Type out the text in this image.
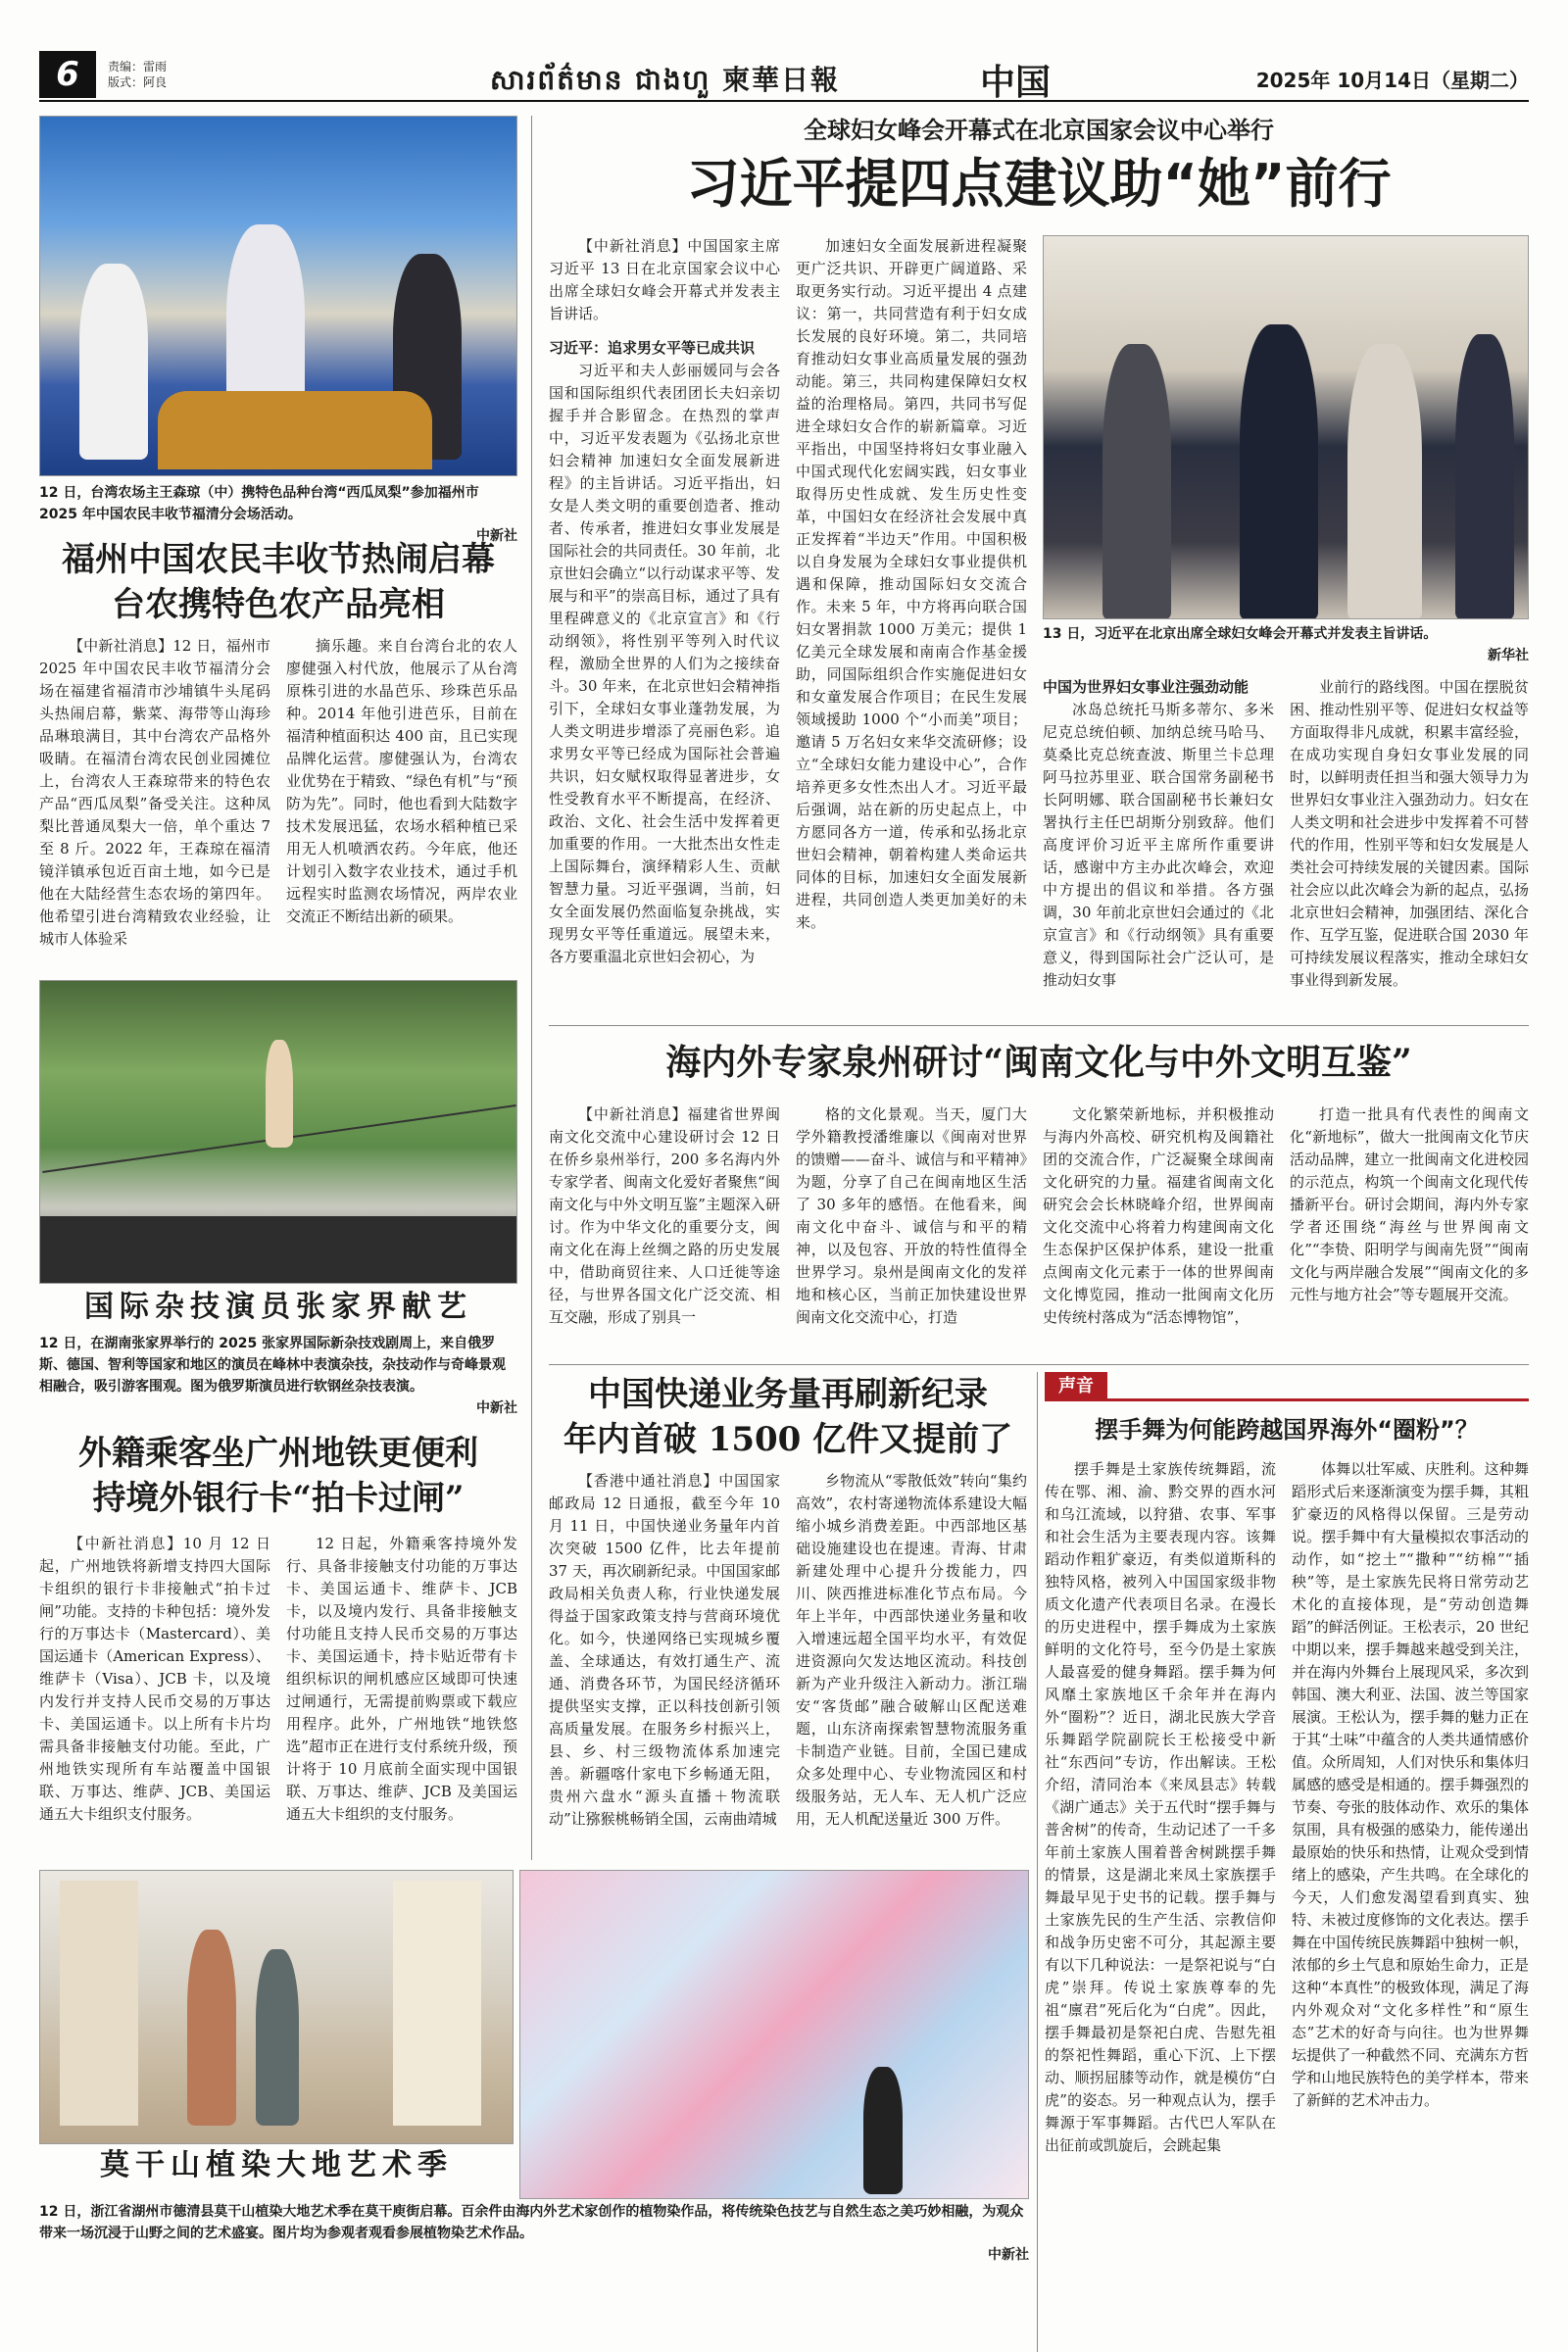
6	责编：雷雨
版式：阿良	សារព័ត៌មាន ជាងហួ 柬華日報	中国	2025年 10月14日（星期二）
12 日，台湾农场主王森琼（中）携特色品种台湾“西瓜凤梨”参加福州市 2025 年中国农民丰收节福清分会场活动。
中新社
福州中国农民丰收节热闹启幕
台农携特色农产品亮相

【中新社消息】12 日，福州市 2025 年中国农民丰收节福清分会场在福建省福清市沙埔镇牛头尾码头热闹启幕，紫菜、海带等山海珍品琳琅满目，其中台湾农产品格外吸睛。在福清台湾农民创业园摊位上，台湾农人王森琼带来的特色农产品“西瓜凤梨”备受关注。这种凤梨比普通凤梨大一倍，单个重达 7 至 8 斤。2022 年，王森琼在福清镜洋镇承包近百亩土地，如今已是他在大陆经营生态农场的第四年。他希望引进台湾精致农业经验，让城市人体验采

摘乐趣。来自台湾台北的农人廖健强入村代放，他展示了从台湾原株引进的水晶芭乐、珍珠芭乐品种。2014 年他引进芭乐，目前在福清种植面积达 400 亩，且已实现品牌化运营。廖健强认为，台湾农业优势在于精致、“绿色有机”与“预防为先”。同时，他也看到大陆数字技术发展迅猛，农场水稻种植已采用无人机喷洒农药。今年底，他还计划引入数字农业技术，通过手机远程实时监测农场情况，两岸农业交流正不断结出新的硕果。

国际杂技演员张家界献艺
12 日，在湖南张家界举行的 2025 张家界国际新杂技戏剧周上，来自俄罗斯、德国、智利等国家和地区的演员在峰林中表演杂技，杂技动作与奇峰景观相融合，吸引游客围观。图为俄罗斯演员进行软钢丝杂技表演。
中新社
外籍乘客坐广州地铁更便利
持境外银行卡“拍卡过闸”

【中新社消息】10 月 12 日起，广州地铁将新增支持四大国际卡组织的银行卡非接触式“拍卡过闸”功能。支持的卡种包括：境外发行的万事达卡（Mastercard）、美国运通卡（American Express）、维萨卡（Visa）、JCB 卡，以及境内发行并支持人民币交易的万事达卡、美国运通卡。以上所有卡片均需具备非接触支付功能。至此，广州地铁实现所有车站覆盖中国银联、万事达、维萨、JCB、美国运通五大卡组织支付服务。

12 日起，外籍乘客持境外发行、具备非接触支付功能的万事达卡、美国运通卡、维萨卡、JCB 卡，以及境内发行、具备非接触支付功能且支持人民币交易的万事达卡、美国运通卡，持卡贴近带有卡组织标识的闸机感应区域即可快速过闸通行，无需提前购票或下载应用程序。此外，广州地铁“地铁悠选”超市正在进行支付系统升级，预计将于 10 月底前全面实现中国银联、万事达、维萨、JCB 及美国运通五大卡组织的支付服务。

莫干山植染大地艺术季
12 日，浙江省湖州市德清县莫干山植染大地艺术季在莫干庾街启幕。百余件由海内外艺术家创作的植物染作品，将传统染色技艺与自然生态之美巧妙相融，为观众带来一场沉浸于山野之间的艺术盛宴。图片均为参观者观看参展植物染艺术作品。
中新社
全球妇女峰会开幕式在北京国家会议中心举行
习近平提四点建议助“她”前行

【中新社消息】中国国家主席习近平 13 日在北京国家会议中心出席全球妇女峰会开幕式并发表主旨讲话。

习近平：追求男女平等已成共识

习近平和夫人彭丽媛同与会各国和国际组织代表团团长夫妇亲切握手并合影留念。在热烈的掌声中，习近平发表题为《弘扬北京世妇会精神 加速妇女全面发展新进程》的主旨讲话。习近平指出，妇女是人类文明的重要创造者、推动者、传承者，推进妇女事业发展是国际社会的共同责任。30 年前，北京世妇会确立“以行动谋求平等、发展与和平”的崇高目标，通过了具有里程碑意义的《北京宣言》和《行动纲领》，将性别平等列入时代议程，激励全世界的人们为之接续奋斗。30 年来，在北京世妇会精神指引下，全球妇女事业蓬勃发展，为人类文明进步增添了亮丽色彩。追求男女平等已经成为国际社会普遍共识，妇女赋权取得显著进步，女性受教育水平不断提高，在经济、政治、文化、社会生活中发挥着更加重要的作用。一大批杰出女性走上国际舞台，演绎精彩人生、贡献智慧力量。习近平强调，当前，妇女全面发展仍然面临复杂挑战，实现男女平等任重道远。展望未来，各方要重温北京世妇会初心，为

加速妇女全面发展新进程凝聚更广泛共识、开辟更广阔道路、采取更务实行动。习近平提出 4 点建议：第一，共同营造有利于妇女成长发展的良好环境。第二，共同培育推动妇女事业高质量发展的强劲动能。第三，共同构建保障妇女权益的治理格局。第四，共同书写促进全球妇女合作的崭新篇章。习近平指出，中国坚持将妇女事业融入中国式现代化宏阔实践，妇女事业取得历史性成就、发生历史性变革，中国妇女在经济社会发展中真正发挥着“半边天”作用。中国积极以自身发展为全球妇女事业提供机遇和保障，推动国际妇女交流合作。未来 5 年，中方将再向联合国妇女署捐款 1000 万美元；提供 1 亿美元全球发展和南南合作基金援助，同国际组织合作实施促进妇女和女童发展合作项目；在民生发展领域援助 1000 个“小而美”项目；邀请 5 万名妇女来华交流研修；设立“全球妇女能力建设中心”，合作培养更多女性杰出人才。习近平最后强调，站在新的历史起点上，中方愿同各方一道，传承和弘扬北京世妇会精神，朝着构建人类命运共同体的目标，加速妇女全面发展新进程，共同创造人类更加美好的未来。

13 日，习近平在北京出席全球妇女峰会开幕式并发表主旨讲话。
新华社
中国为世界妇女事业注强劲动能

冰岛总统托马斯多蒂尔、多米尼克总统伯顿、加纳总统马哈马、莫桑比克总统查波、斯里兰卡总理阿马拉苏里亚、联合国常务副秘书长阿明娜、联合国副秘书长兼妇女署执行主任巴胡斯分别致辞。他们高度评价习近平主席所作重要讲话，感谢中方主办此次峰会，欢迎中方提出的倡议和举措。各方强调，30 年前北京世妇会通过的《北京宣言》和《行动纲领》具有重要意义，得到国际社会广泛认可，是推动妇女事

业前行的路线图。中国在摆脱贫困、推动性别平等、促进妇女权益等方面取得非凡成就，积累丰富经验，在成功实现自身妇女事业发展的同时，以鲜明责任担当和强大领导力为世界妇女事业注入强劲动力。妇女在人类文明和社会进步中发挥着不可替代的作用，性别平等和妇女发展是人类社会可持续发展的关键因素。国际社会应以此次峰会为新的起点，弘扬北京世妇会精神，加强团结、深化合作、互学互鉴，促进联合国 2030 年可持续发展议程落实，推动全球妇女事业得到新发展。

海内外专家泉州研讨“闽南文化与中外文明互鉴”

【中新社消息】福建省世界闽南文化交流中心建设研讨会 12 日在侨乡泉州举行，200 多名海内外专家学者、闽南文化爱好者聚焦“闽南文化与中外文明互鉴”主题深入研讨。作为中华文化的重要分支，闽南文化在海上丝绸之路的历史发展中，借助商贸往来、人口迁徙等途径，与世界各国文化广泛交流、相互交融，形成了别具一

格的文化景观。当天，厦门大学外籍教授潘维廉以《闽南对世界的馈赠——奋斗、诚信与和平精神》为题，分享了自己在闽南地区生活了 30 多年的感悟。在他看来，闽南文化中奋斗、诚信与和平的精神，以及包容、开放的特性值得全世界学习。泉州是闽南文化的发祥地和核心区，当前正加快建设世界闽南文化交流中心，打造

文化繁荣新地标，并积极推动与海内外高校、研究机构及闽籍社团的交流合作，广泛凝聚全球闽南文化研究的力量。福建省闽南文化研究会会长林晓峰介绍，世界闽南文化交流中心将着力构建闽南文化生态保护区保护体系，建设一批重点闽南文化元素于一体的世界闽南文化博览园，推动一批闽南文化历史传统村落成为“活态博物馆”，

打造一批具有代表性的闽南文化“新地标”，做大一批闽南文化节庆活动品牌，建立一批闽南文化进校园的示范点，构筑一个闽南文化现代传播新平台。研讨会期间，海内外专家学者还围绕“海丝与世界闽南文化”“李贽、阳明学与闽南先贤”“闽南文化与两岸融合发展”“闽南文化的多元性与地方社会”等专题展开交流。

中国快递业务量再刷新纪录
年内首破 1500 亿件又提前了

【香港中通社消息】中国国家邮政局 12 日通报，截至今年 10 月 11 日，中国快递业务量年内首次突破 1500 亿件，比去年提前 37 天，再次刷新纪录。中国国家邮政局相关负责人称，行业快递发展得益于国家政策支持与营商环境优化。如今，快递网络已实现城乡覆盖、全球通达，有效打通生产、流通、消费各环节，为国民经济循环提供坚实支撑，正以科技创新引领高质量发展。在服务乡村振兴上，县、乡、村三级物流体系加速完善。新疆喀什家电下乡畅通无阻，贵州六盘水“源头直播＋物流联动”让猕猴桃畅销全国，云南曲靖城

乡物流从“零散低效”转向“集约高效”，农村寄递物流体系建设大幅缩小城乡消费差距。中西部地区基础设施建设也在提速。青海、甘肃新建处理中心提升分拨能力，四川、陕西推进标准化节点布局。今年上半年，中西部快递业务量和收入增速远超全国平均水平，有效促进资源向欠发达地区流动。科技创新为产业升级注入新动力。浙江瑞安“客货邮”融合破解山区配送难题，山东济南探索智慧物流服务重卡制造产业链。目前，全国已建成众多处理中心、专业物流园区和村级服务站，无人车、无人机广泛应用，无人机配送量近 300 万件。

声音
摆手舞为何能跨越国界海外“圈粉”？

摆手舞是土家族传统舞蹈，流传在鄂、湘、渝、黔交界的酉水河和乌江流域，以狩猎、农事、军事和社会生活为主要表现内容。该舞蹈动作粗犷豪迈，有类似道斯科的独特风格，被列入中国国家级非物质文化遗产代表项目名录。在漫长的历史进程中，摆手舞成为土家族鲜明的文化符号，至今仍是土家族人最喜爱的健身舞蹈。摆手舞为何风靡土家族地区千余年并在海内外“圈粉”？近日，湖北民族大学音乐舞蹈学院副院长王松接受中新社“东西问”专访，作出解读。王松介绍，清同治本《来凤县志》转载《湖广通志》关于五代时“摆手舞与普舍树”的传奇，生动记述了一千多年前土家族人围着普舍树跳摆手舞的情景，这是湖北来凤土家族摆手舞最早见于史书的记载。摆手舞与土家族先民的生产生活、宗教信仰和战争历史密不可分，其起源主要有以下几种说法：一是祭祀说与“白虎”崇拜。传说土家族尊奉的先祖“廪君”死后化为“白虎”。因此，摆手舞最初是祭祀白虎、告慰先祖的祭祀性舞蹈，重心下沉、上下摆动、顺拐屈膝等动作，就是模仿“白虎”的姿态。另一种观点认为，摆手舞源于军事舞蹈。古代巴人军队在出征前或凯旋后，会跳起集

体舞以壮军威、庆胜利。这种舞蹈形式后来逐渐演变为摆手舞，其粗犷豪迈的风格得以保留。三是劳动说。摆手舞中有大量模拟农事活动的动作，如“挖土”“撒种”“纺棉”“插秧”等，是土家族先民将日常劳动艺术化的直接体现，是“劳动创造舞蹈”的鲜活例证。王松表示，20 世纪中期以来，摆手舞越来越受到关注，并在海内外舞台上展现风采，多次到韩国、澳大利亚、法国、波兰等国家展演。王松认为，摆手舞的魅力正在于其“土味”中蕴含的人类共通情感价值。众所周知，人们对快乐和集体归属感的感受是相通的。摆手舞强烈的节奏、夸张的肢体动作、欢乐的集体氛围，具有极强的感染力，能传递出最原始的快乐和热情，让观众受到情绪上的感染，产生共鸣。在全球化的今天，人们愈发渴望看到真实、独特、未被过度修饰的文化表达。摆手舞在中国传统民族舞蹈中独树一帜，浓郁的乡土气息和原始生命力，正是这种“本真性”的极致体现，满足了海内外观众对“文化多样性”和“原生态”艺术的好奇与向往。也为世界舞坛提供了一种截然不同、充满东方哲学和山地民族特色的美学样本，带来了新鲜的艺术冲击力。
